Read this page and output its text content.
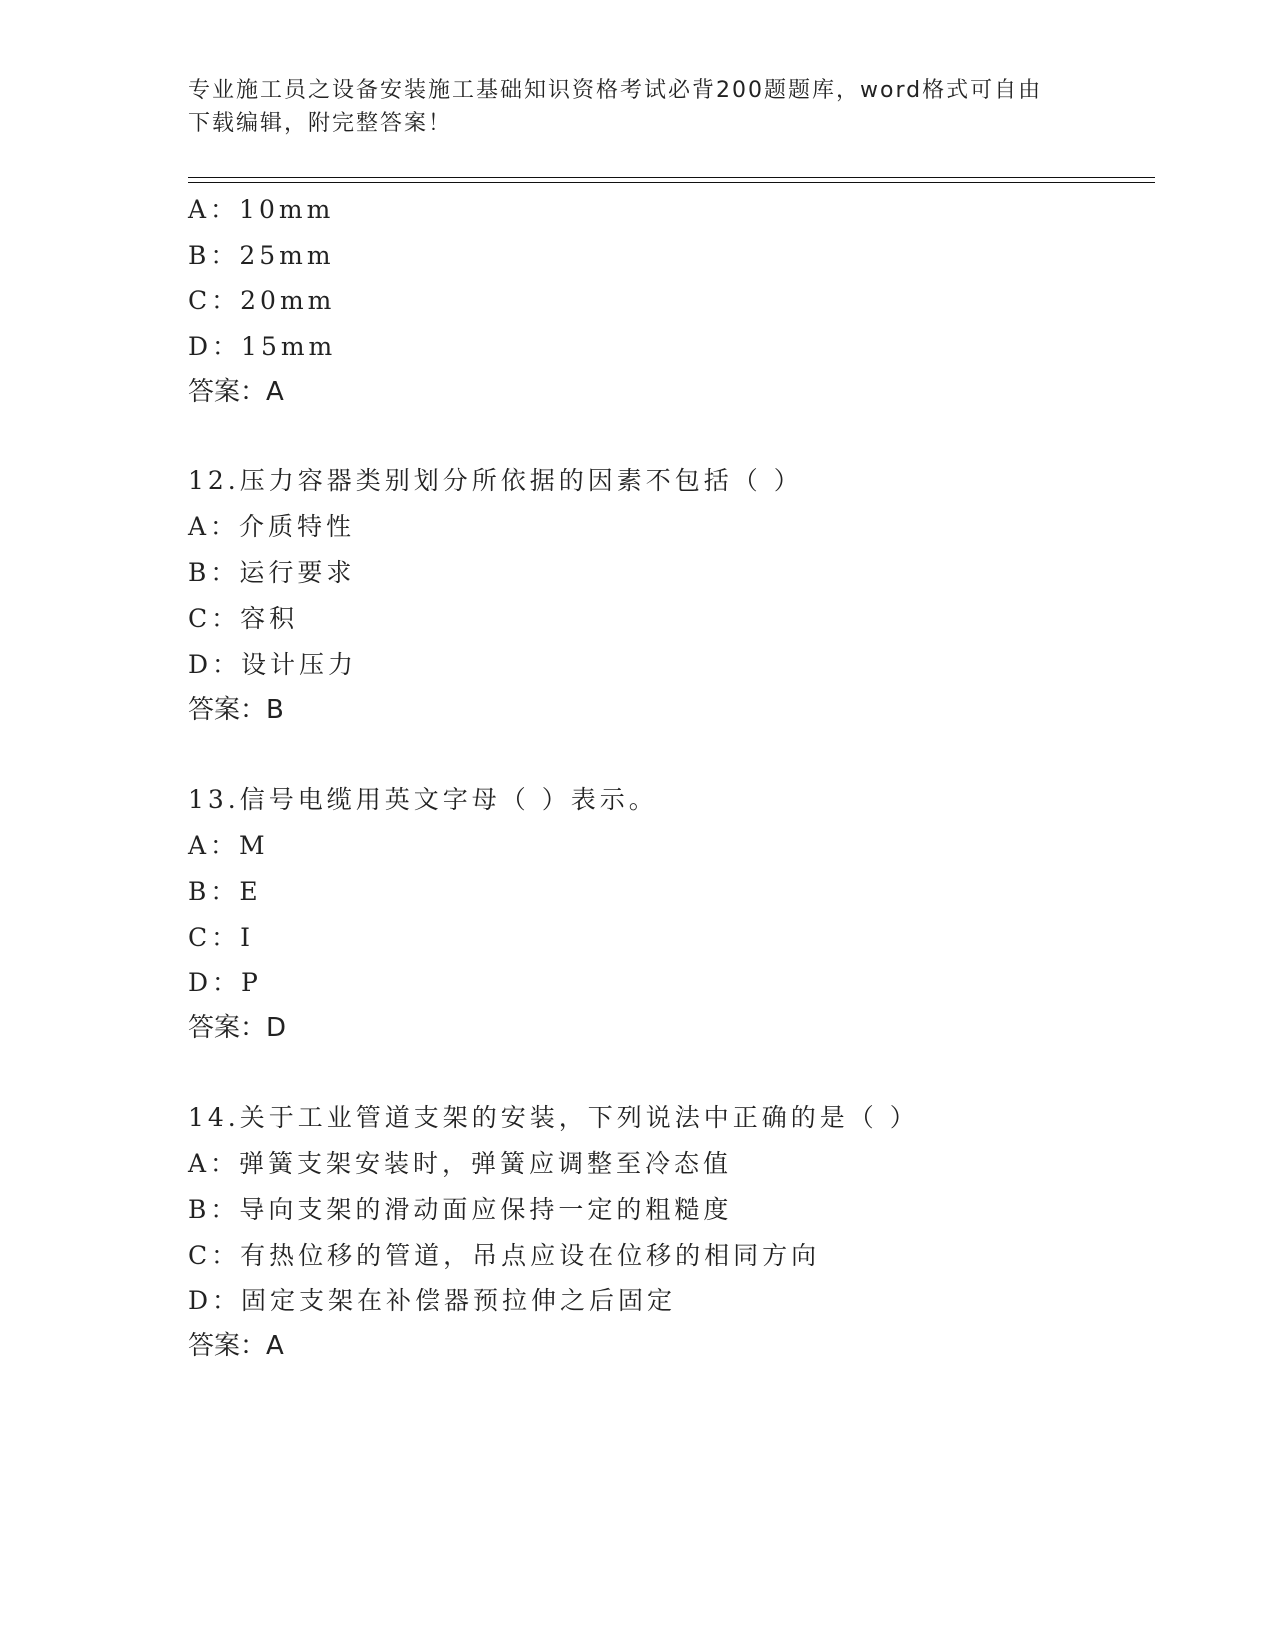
专业施工员之设备安装施工基础知识资格考试必背200题题库，word格式可自由
下载编辑，附完整答案！
A：10mm
B：25mm
C：20mm
D：15mm
答案：A
12.压力容器类别划分所依据的因素不包括（ ）
A：介质特性
B：运行要求
C：容积
D：设计压力
答案：B
13.信号电缆用英文字母（ ）表示。
A：M
B：E
C：I
D：P
答案：D
14.关于工业管道支架的安装，下列说法中正确的是（ ）
A：弹簧支架安装时，弹簧应调整至冷态值
B：导向支架的滑动面应保持一定的粗糙度
C：有热位移的管道，吊点应设在位移的相同方向
D：固定支架在补偿器预拉伸之后固定
答案：A
